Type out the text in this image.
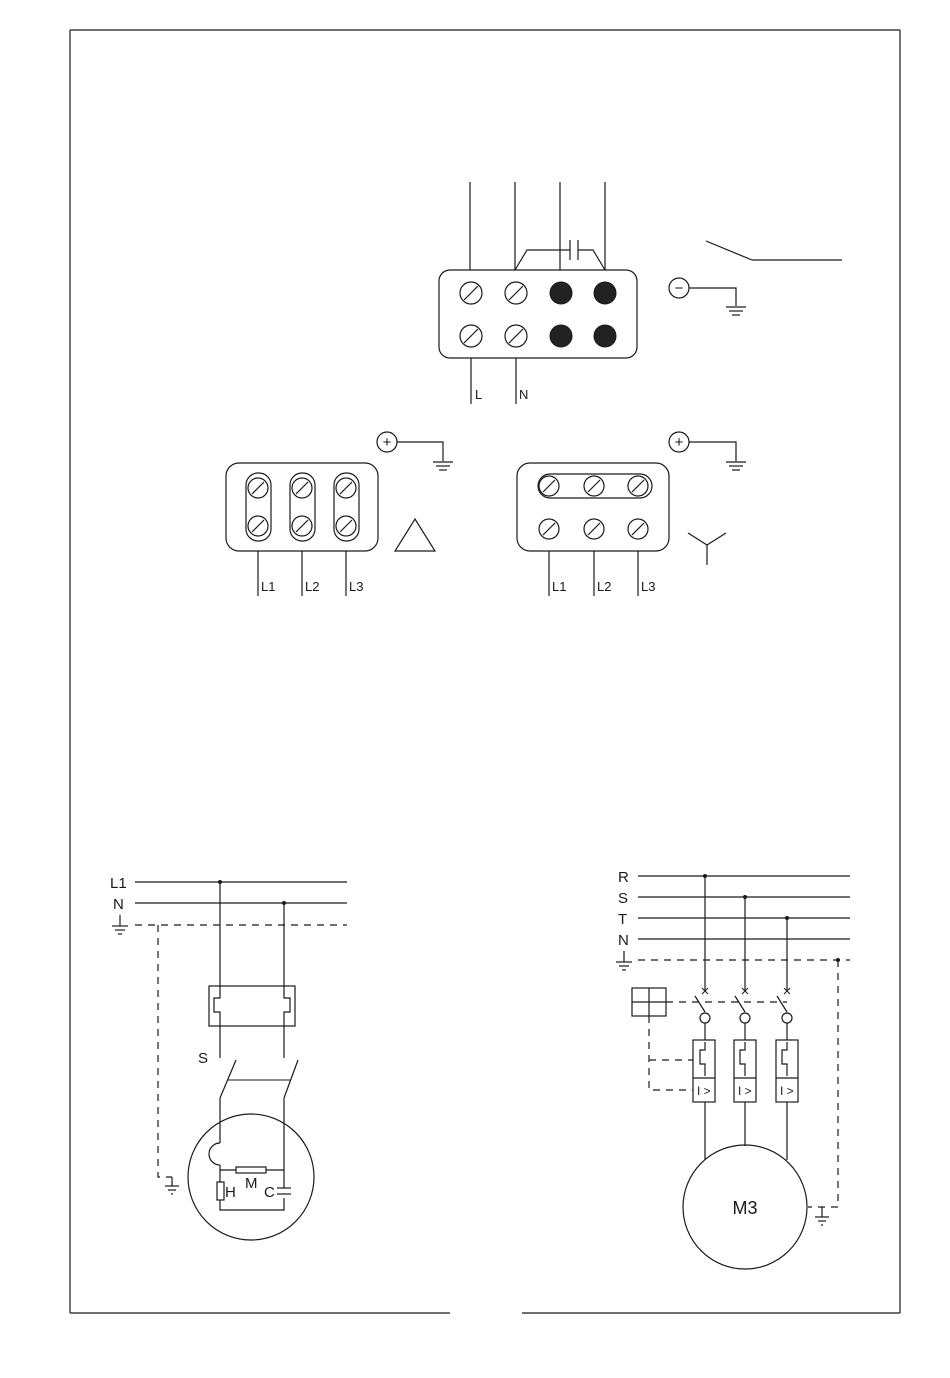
L	N
−
L1 L2 L3
+
L1 L2 L3
+
L1
N
S
H
M
C
R
S
T
N
I > I > I >
M3
